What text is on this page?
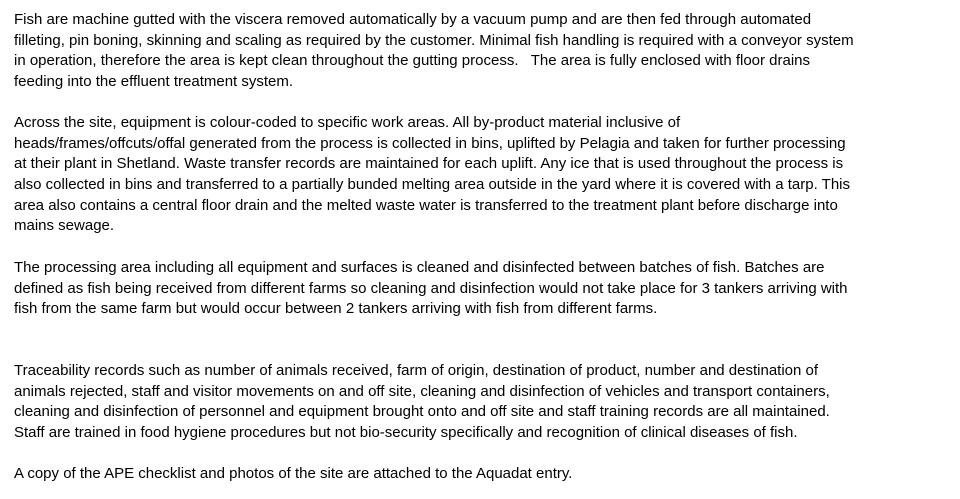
Fish are machine gutted with the viscera removed automatically by a vacuum pump and are then fed through automated
filleting, pin boning, skinning and scaling as required by the customer. Minimal fish handling is required with a conveyor system
in operation, therefore the area is kept clean throughout the gutting process.   The area is fully enclosed with floor drains
feeding into the effluent treatment system.
Across the site, equipment is colour-coded to specific work areas. All by-product material inclusive of
heads/frames/offcuts/offal generated from the process is collected in bins, uplifted by Pelagia and taken for further processing
at their plant in Shetland. Waste transfer records are maintained for each uplift. Any ice that is used throughout the process is
also collected in bins and transferred to a partially bunded melting area outside in the yard where it is covered with a tarp. This
area also contains a central floor drain and the melted waste water is transferred to the treatment plant before discharge into
mains sewage.
The processing area including all equipment and surfaces is cleaned and disinfected between batches of fish. Batches are
defined as fish being received from different farms so cleaning and disinfection would not take place for 3 tankers arriving with
fish from the same farm but would occur between 2 tankers arriving with fish from different farms.
Traceability records such as number of animals received, farm of origin, destination of product, number and destination of
animals rejected, staff and visitor movements on and off site, cleaning and disinfection of vehicles and transport containers,
cleaning and disinfection of personnel and equipment brought onto and off site and staff training records are all maintained.
Staff are trained in food hygiene procedures but not bio-security specifically and recognition of clinical diseases of fish.
A copy of the APE checklist and photos of the site are attached to the Aquadat entry.
